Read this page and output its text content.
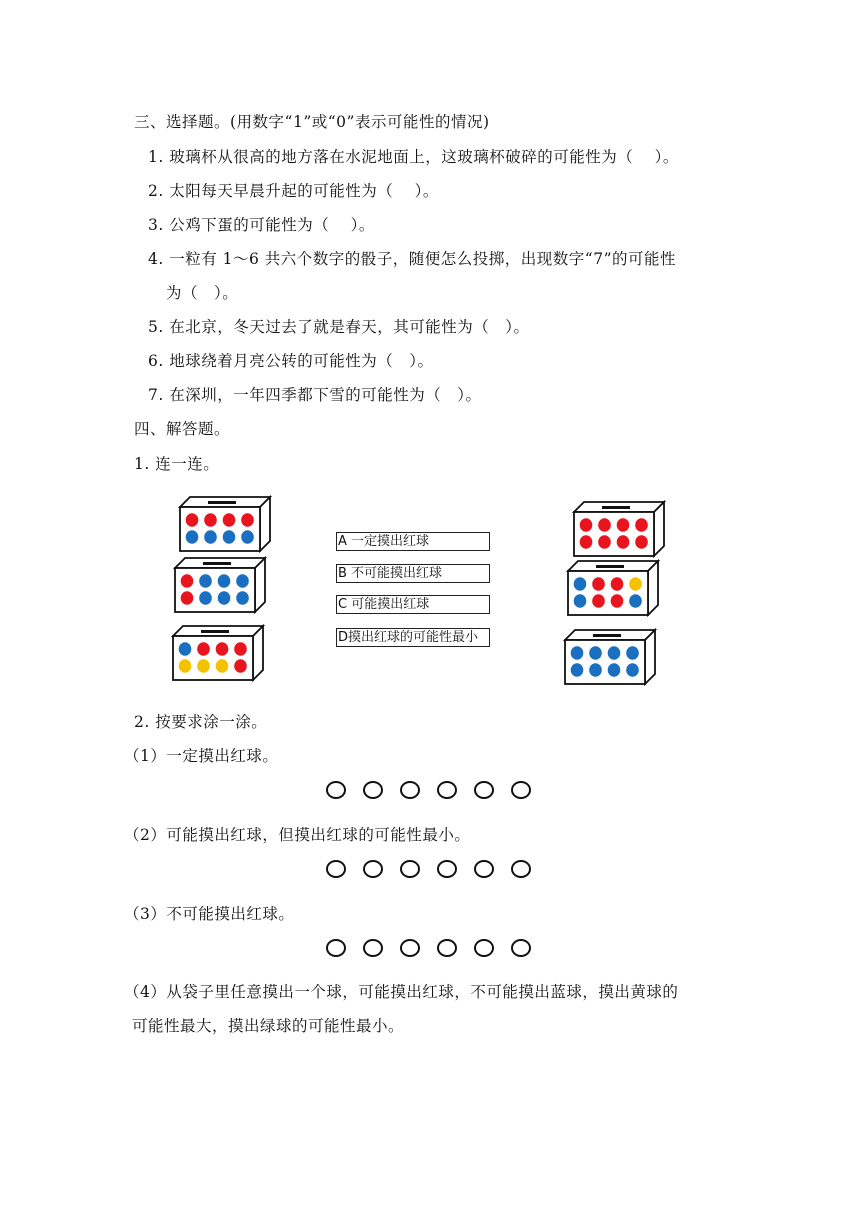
三、选择题。(用数字“1”或“0”表示可能性的情况)
1. 玻璃杯从很高的地方落在水泥地面上，这玻璃杯破碎的可能性为（　 ）。
2. 太阳每天早晨升起的可能性为（　 ）。
3. 公鸡下蛋的可能性为（　 ）。
4. 一粒有 1～6 共六个数字的骰子，随便怎么投掷，出现数字“7”的可能性
为（　）。
5. 在北京，冬天过去了就是春天，其可能性为（　）。
6. 地球绕着月亮公转的可能性为（　）。
7. 在深圳，一年四季都下雪的可能性为（　）。
四、解答题。
1. 连一连。
A 一定摸出红球
B 不可能摸出红球
C 可能摸出红球
D摸出红球的可能性最小
2. 按要求涂一涂。
（1）一定摸出红球。
（2）可能摸出红球，但摸出红球的可能性最小。
（3）不可能摸出红球。
（4）从袋子里任意摸出一个球，可能摸出红球，不可能摸出蓝球，摸出黄球的
可能性最大，摸出绿球的可能性最小。
